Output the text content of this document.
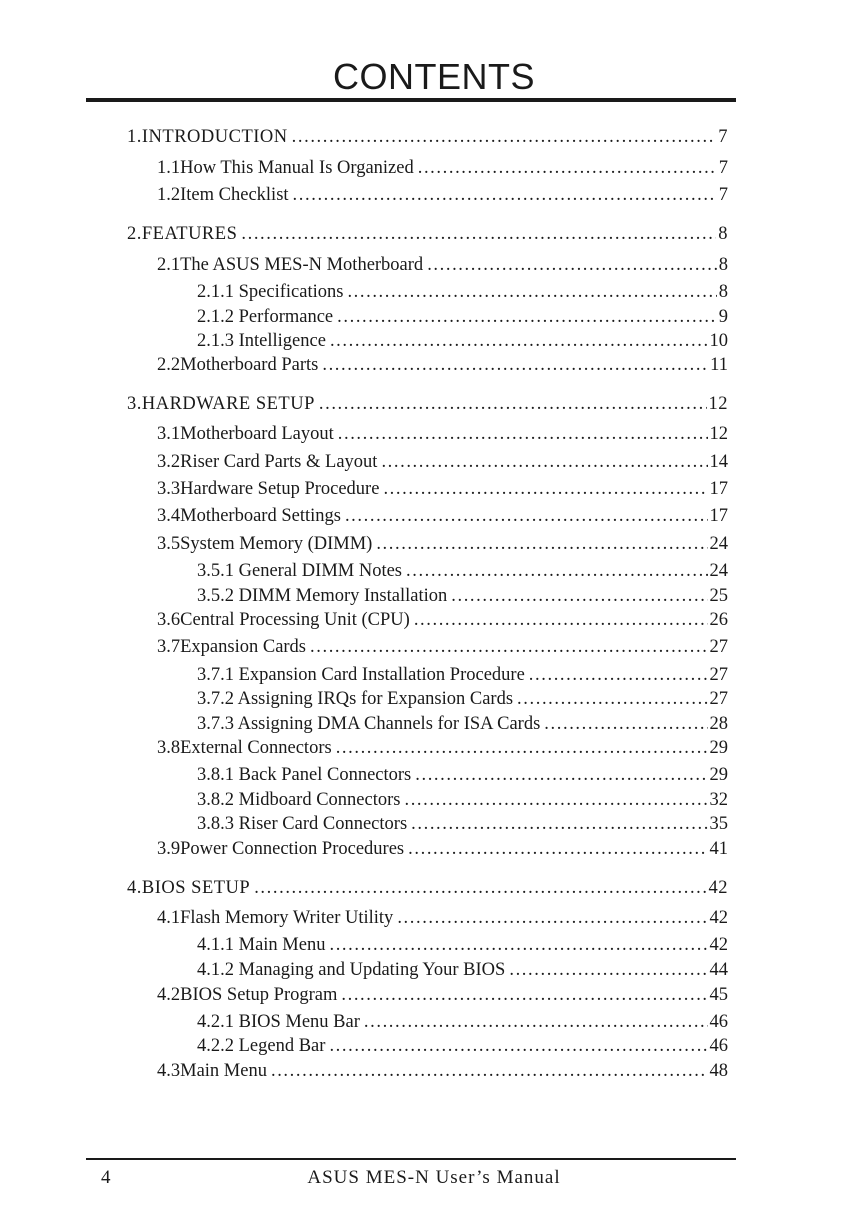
CONTENTS
1. INTRODUCTION .....	7
1.1 How This Manual Is Organized .....	7
1.2 Item Checklist .....	7
2. FEATURES .....	8
2.1 The ASUS MES-N Motherboard .....	8
2.1.1 Specifications .....	8
2.1.2 Performance .....	9
2.1.3 Intelligence .....	10
2.2 Motherboard Parts .....	11
3. HARDWARE SETUP .....	12
3.1 Motherboard Layout .....	12
3.2 Riser Card Parts & Layout .....	14
3.3 Hardware Setup Procedure .....	17
3.4 Motherboard Settings .....	17
3.5 System Memory (DIMM) .....	24
3.5.1 General DIMM Notes .....	24
3.5.2 DIMM Memory Installation .....	25
3.6 Central Processing Unit (CPU) .....	26
3.7 Expansion Cards .....	27
3.7.1 Expansion Card Installation Procedure .....	27
3.7.2 Assigning IRQs for Expansion Cards .....	27
3.7.3 Assigning DMA Channels for ISA Cards .....	28
3.8 External Connectors .....	29
3.8.1 Back Panel Connectors .....	29
3.8.2 Midboard Connectors .....	32
3.8.3 Riser Card Connectors .....	35
3.9 Power Connection Procedures .....	41
4. BIOS SETUP .....	42
4.1 Flash Memory Writer Utility .....	42
4.1.1 Main Menu .....	42
4.1.2 Managing and Updating Your BIOS .....	44
4.2 BIOS Setup Program .....	45
4.2.1 BIOS Menu Bar .....	46
4.2.2 Legend Bar .....	46
4.3 Main Menu .....	48
4	ASUS MES-N User’s Manual
